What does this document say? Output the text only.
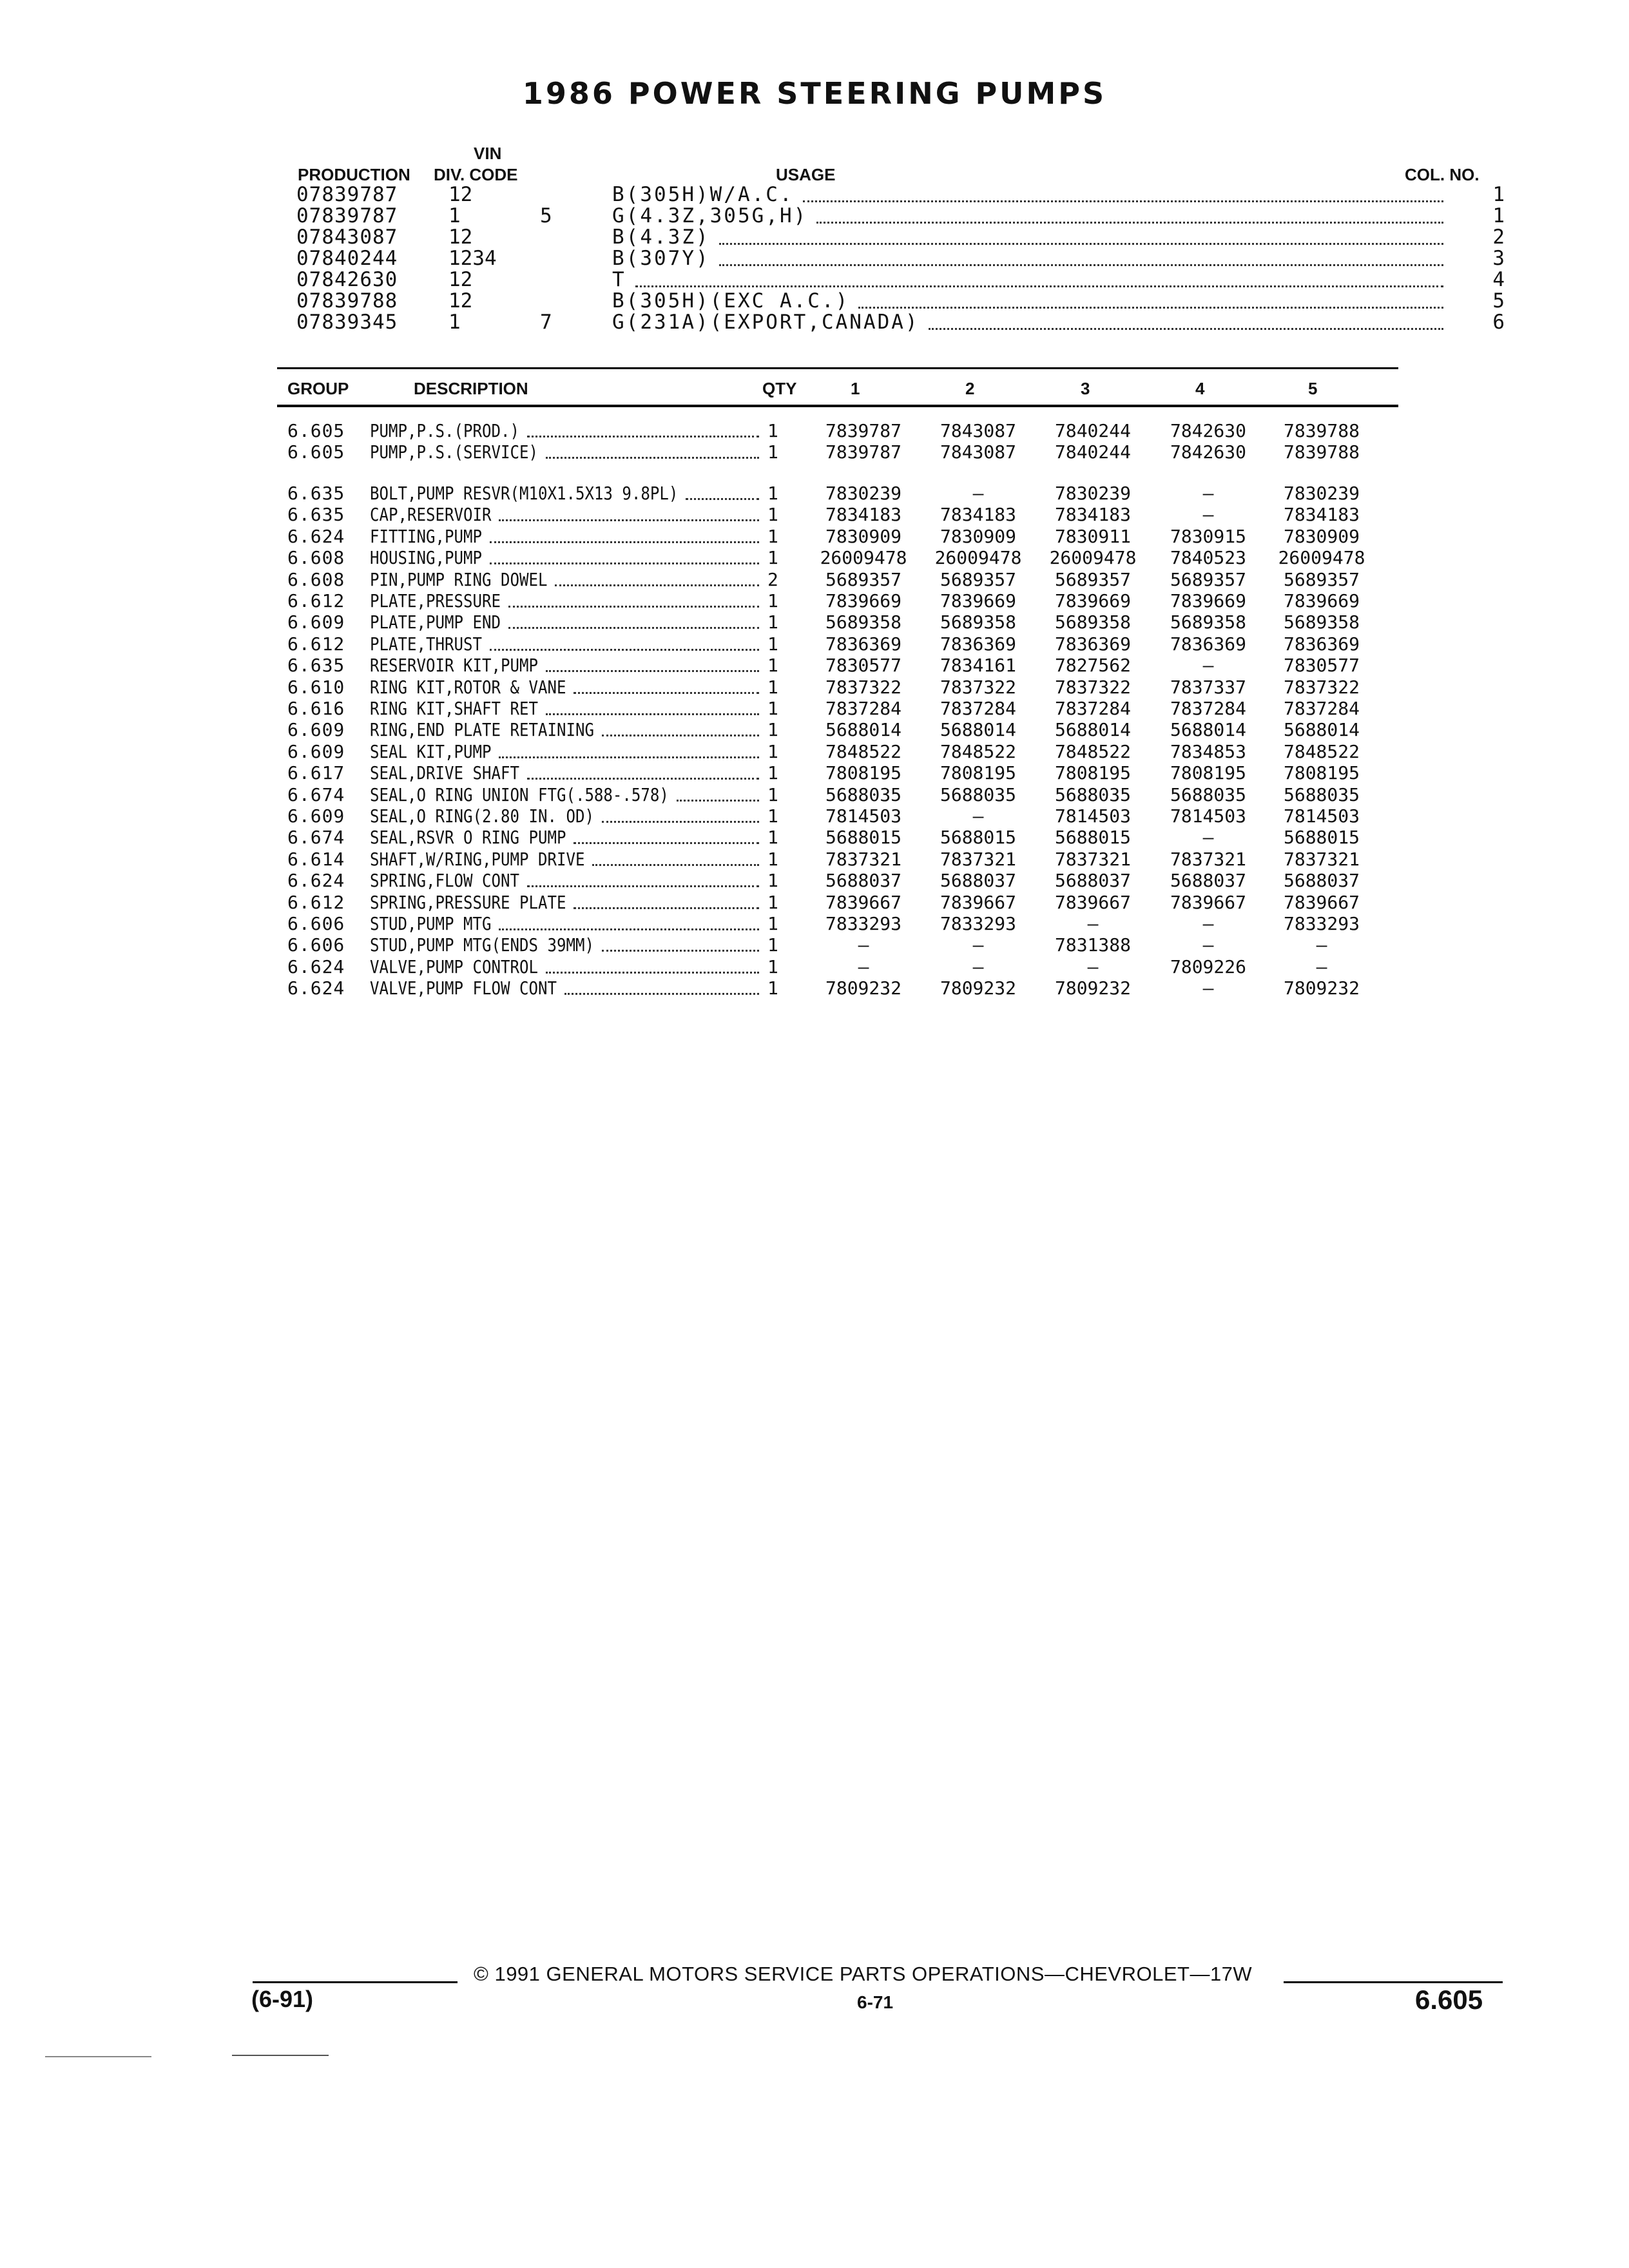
1986 POWER STEERING PUMPS
VIN
PRODUCTION DIV. CODE	USAGE	COL. NO.
07839787	12	B(305H)W/A.C.	1
07839787	1	5	G(4.3Z,305G,H)	1
07843087	12	B(4.3Z)	2
07840244	1234	B(307Y)	3
07842630	12	T	4
07839788	12	B(305H)(EXC A.C.)	5
07839345	1	7	G(231A)(EXPORT,CANADA)	6
GROUP	DESCRIPTION	QTY	1	2	3	4	5
6.605 PUMP,P.S.(PROD.)	1	7839787	7843087	7840244	7842630	7839788
6.605 PUMP,P.S.(SERVICE)	1	7839787	7843087	7840244	7842630	7839788
6.635 BOLT,PUMP RESVR(M10X1.5X13 9.8PL)	1	7830239	—	7830239	—	7830239
6.635 CAP,RESERVOIR	1	7834183	7834183	7834183	—	7834183
6.624 FITTING,PUMP	1	7830909	7830909	7830911	7830915	7830909
6.608 HOUSING,PUMP	1	26009478	26009478	26009478	7840523	26009478
6.608 PIN,PUMP RING DOWEL	2	5689357	5689357	5689357	5689357	5689357
6.612 PLATE,PRESSURE	1	7839669	7839669	7839669	7839669	7839669
6.609 PLATE,PUMP END	1	5689358	5689358	5689358	5689358	5689358
6.612 PLATE,THRUST	1	7836369	7836369	7836369	7836369	7836369
6.635 RESERVOIR KIT,PUMP	1	7830577	7834161	7827562	—	7830577
6.610 RING KIT,ROTOR & VANE	1	7837322	7837322	7837322	7837337	7837322
6.616 RING KIT,SHAFT RET	1	7837284	7837284	7837284	7837284	7837284
6.609 RING,END PLATE RETAINING	1	5688014	5688014	5688014	5688014	5688014
6.609 SEAL KIT,PUMP	1	7848522	7848522	7848522	7834853	7848522
6.617 SEAL,DRIVE SHAFT	1	7808195	7808195	7808195	7808195	7808195
6.674 SEAL,O RING UNION FTG(.588-.578)	1	5688035	5688035	5688035	5688035	5688035
6.609 SEAL,O RING(2.80 IN. OD)	1	7814503	—	7814503	7814503	7814503
6.674 SEAL,RSVR O RING PUMP	1	5688015	5688015	5688015	—	5688015
6.614 SHAFT,W/RING,PUMP DRIVE	1	7837321	7837321	7837321	7837321	7837321
6.624 SPRING,FLOW CONT	1	5688037	5688037	5688037	5688037	5688037
6.612 SPRING,PRESSURE PLATE	1	7839667	7839667	7839667	7839667	7839667
6.606 STUD,PUMP MTG	1	7833293	7833293	—	—	7833293
6.606 STUD,PUMP MTG(ENDS 39MM)	1	—	—	7831388	—	—
6.624 VALVE,PUMP CONTROL	1	—	—	—	7809226	—
6.624 VALVE,PUMP FLOW CONT	1	7809232	7809232	7809232	—	7809232
© 1991 GENERAL MOTORS SERVICE PARTS OPERATIONS—CHEVROLET—17W
(6-91)	6-71	6.605
